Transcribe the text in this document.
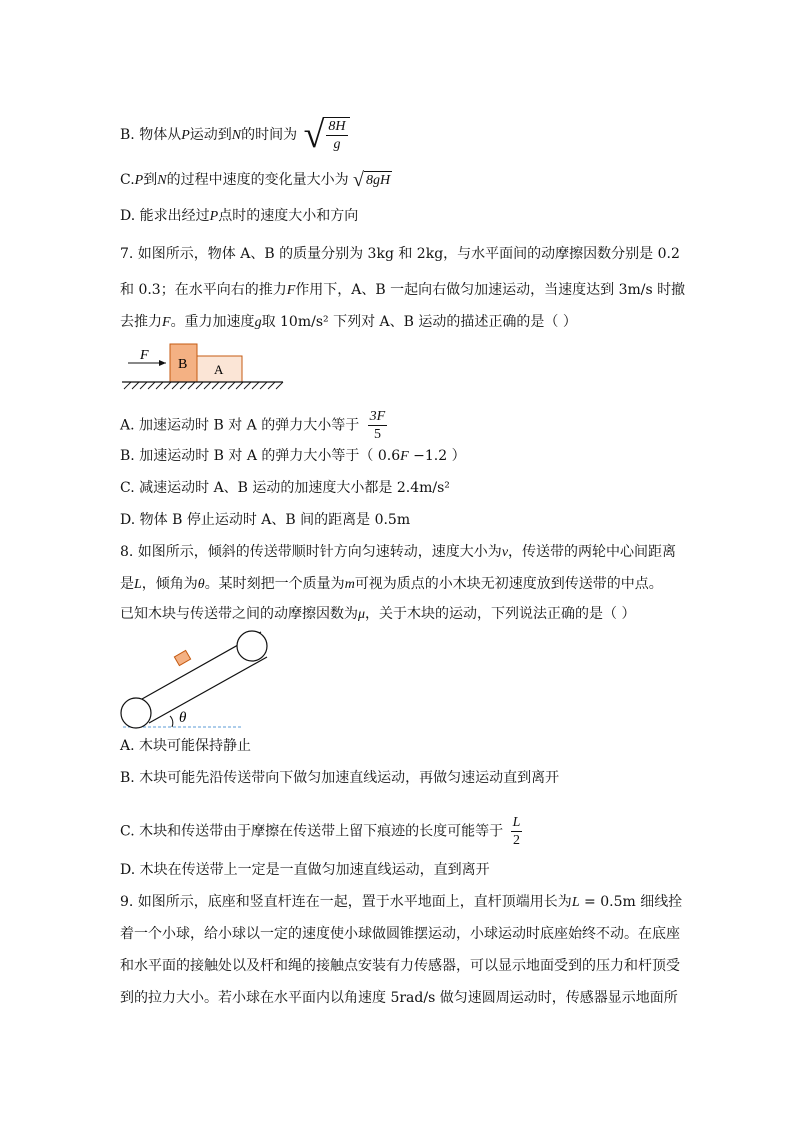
B. 物体从P运动到N的时间为 √ $\frac{8H}{g}$
C.P到N的过程中速度的变化量大小为 √ 8gH
D. 能求出经过P点时的速度大小和方向
7. 如图所示，物体 A、B 的质量分别为 3kg 和 2kg，与水平面间的动摩擦因数分别是 0.2
和 0.3；在水平向右的推力F作用下，A、B 一起向右做匀加速运动，当速度达到 3m/s 时撤
去推力F。重力加速度g取 10m/s² 下列对 A、B 运动的描述正确的是（ ）
F
B A
A. 加速运动时 B 对 A 的弹力大小等于 $\frac{3F}{5}$
B. 加速运动时 B 对 A 的弹力大小等于（ 0.6F −1.2 ）
C. 减速运动时 A、B 运动的加速度大小都是 2.4m/s²
D. 物体 B 停止运动时 A、B 间的距离是 0.5m
8. 如图所示，倾斜的传送带顺时针方向匀速转动，速度大小为v，传送带的两轮中心间距离
是L，倾角为θ。某时刻把一个质量为m可视为质点的小木块无初速度放到传送带的中点。
已知木块与传送带之间的动摩擦因数为μ，关于木块的运动，下列说法正确的是（ ）
θ
A. 木块可能保持静止
B. 木块可能先沿传送带向下做匀加速直线运动，再做匀速运动直到离开
C. 木块和传送带由于摩擦在传送带上留下痕迹的长度可能等于 $\frac{L}{2}$
D. 木块在传送带上一定是一直做匀加速直线运动，直到离开
9. 如图所示，底座和竖直杆连在一起，置于水平地面上，直杆顶端用长为L = 0.5m 细线拴
着一个小球，给小球以一定的速度使小球做圆锥摆运动，小球运动时底座始终不动。在底座
和水平面的接触处以及杆和绳的接触点安装有力传感器，可以显示地面受到的压力和杆顶受
到的拉力大小。若小球在水平面内以角速度 5rad/s 做匀速圆周运动时，传感器显示地面所
